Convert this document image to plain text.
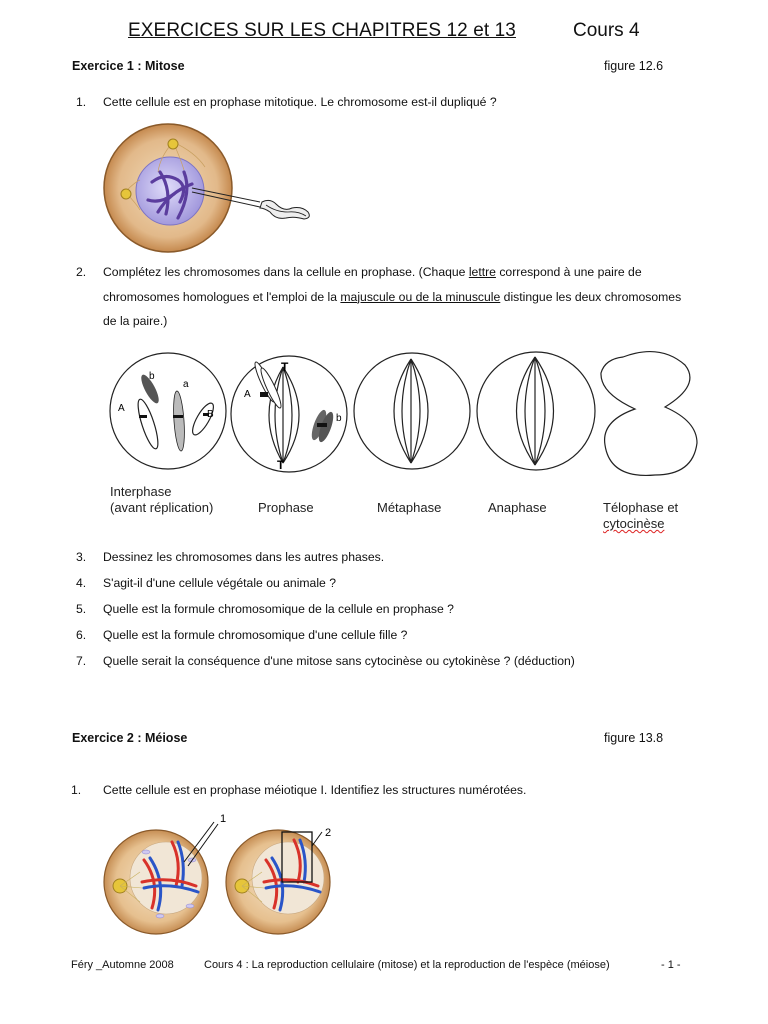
EXERCICES SUR LES CHAPITRES 12 et 13	Cours 4
Exercice 1 : Mitose	figure 12.6
1. Cette cellule est en prophase mitotique. Le chromosome est-il dupliqué ?
2. Complétez les chromosomes dans la cellule en prophase. (Chaque lettre correspond à une paire de chromosomes homologues et l'emploi de la majuscule ou de la minuscule distingue les deux chromosomes de la paire.)
b
A
a
B
A
b
T
T
Interphase
(avant réplication)	Prophase	Métaphase	Anaphase	Télophase et
cytocinèse
3. Dessinez les chromosomes dans les autres phases.
4. S'agit-il d'une cellule végétale ou animale ?
5. Quelle est la formule chromosomique de la cellule en prophase ?
6. Quelle est la formule chromosomique d'une cellule fille ?
7. Quelle serait la conséquence d'une mitose sans cytocinèse ou cytokinèse ? (déduction)
Exercice 2 : Méiose	figure 13.8
1. Cette cellule est en prophase méiotique I. Identifiez les structures numérotées.
1
2
Féry _Automne 2008	Cours 4 : La reproduction cellulaire (mitose) et la reproduction de l'espèce (méiose)	- 1 -
